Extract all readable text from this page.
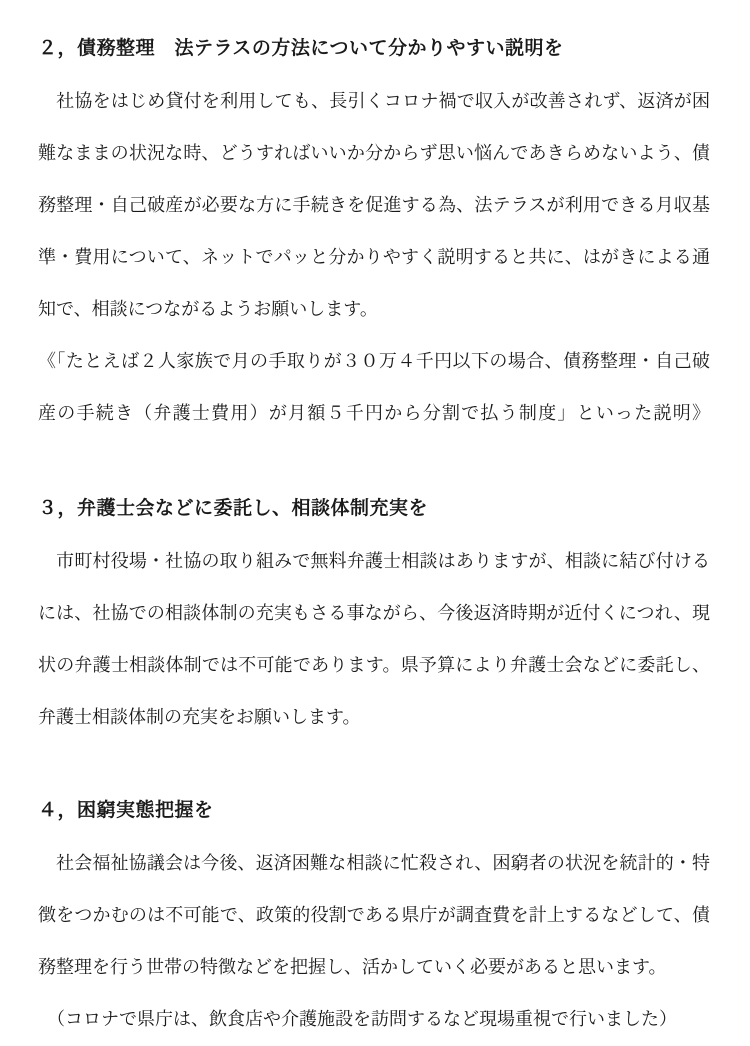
２，債務整理　法テラスの方法について分かりやすい説明を
　社協をはじめ貸付を利用しても、長引くコロナ禍で収入が改善されず、返済が困
難なままの状況な時、どうすればいいか分からず思い悩んであきらめないよう、債
務整理・自己破産が必要な方に手続きを促進する為、法テラスが利用できる月収基
準・費用について、ネットでパッと分かりやすく説明すると共に、はがきによる通
知で、相談につながるようお願いします。
《「たとえば２人家族で月の手取りが３０万４千円以下の場合、債務整理・自己破
産の手続き（弁護士費用）が月額５千円から分割で払う制度」といった説明》
３，弁護士会などに委託し、相談体制充実を
　市町村役場・社協の取り組みで無料弁護士相談はありますが、相談に結び付ける
には、社協での相談体制の充実もさる事ながら、今後返済時期が近付くにつれ、現
状の弁護士相談体制では不可能であります。県予算により弁護士会などに委託し、
弁護士相談体制の充実をお願いします。
４，困窮実態把握を
　社会福祉協議会は今後、返済困難な相談に忙殺され、困窮者の状況を統計的・特
徴をつかむのは不可能で、政策的役割である県庁が調査費を計上するなどして、債
務整理を行う世帯の特徴などを把握し、活かしていく必要があると思います。
　（コロナで県庁は、飲食店や介護施設を訪問するなど現場重視で行いました）
